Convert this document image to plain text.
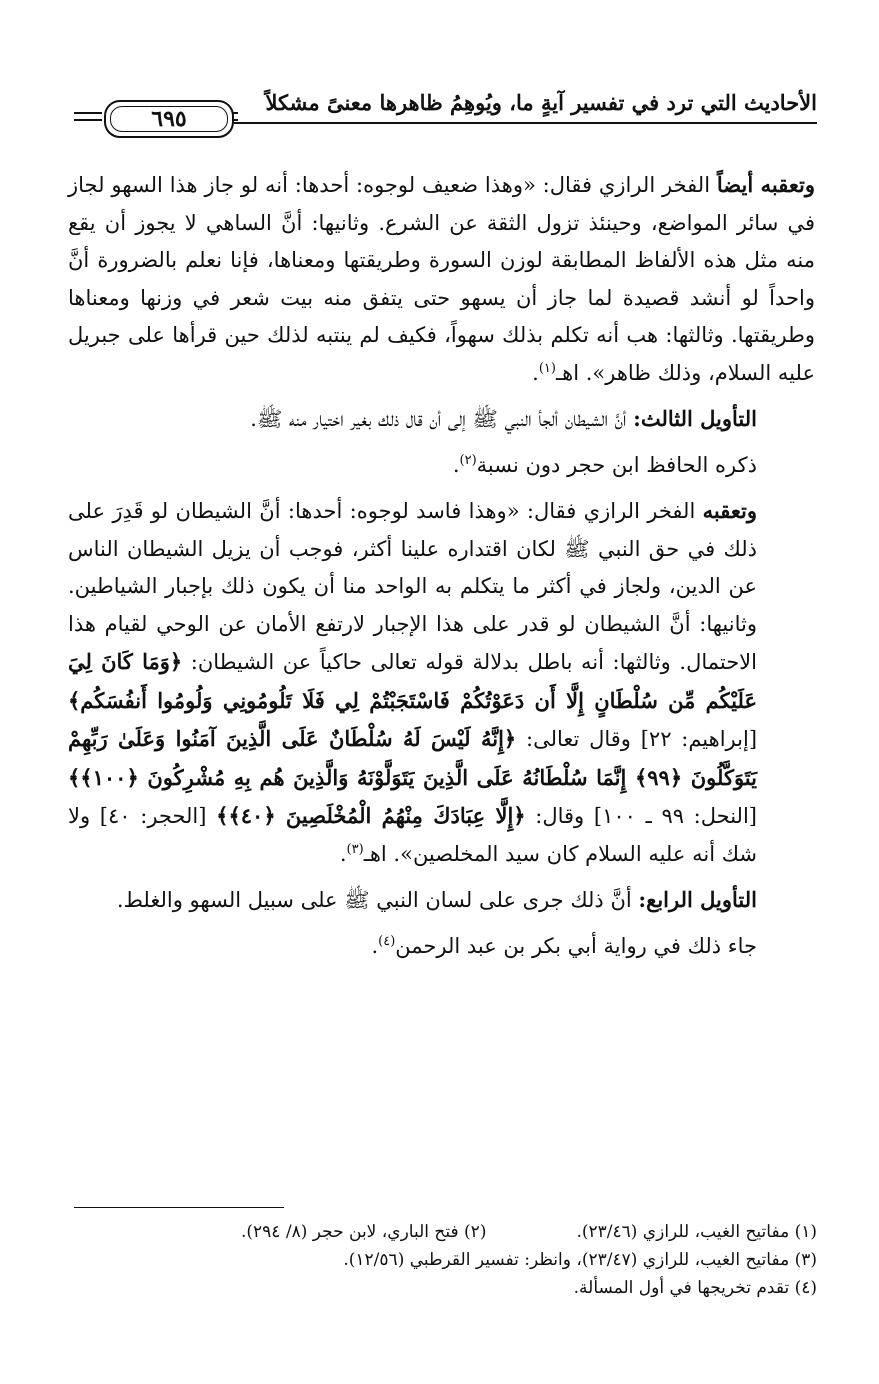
الأحاديث التي ترد في تفسير آيةٍ ما، ويُوهِمُ ظاهرها معنىً مشكلاً
٦٩٥

وتعقبه أيضاً الفخر الرازي فقال: «وهذا ضعيف لوجوه: أحدها: أنه لو جاز هذا السهو لجاز في سائر المواضع، وحينئذ تزول الثقة عن الشرع. وثانيها: أنَّ الساهي لا يجوز أن يقع منه مثل هذه الألفاظ المطابقة لوزن السورة وطريقتها ومعناها، فإنا نعلم بالضرورة أنَّ واحداً لو أنشد قصيدة لما جاز أن يسهو حتى يتفق منه بيت شعر في وزنها ومعناها وطريقتها. وثالثها: هب أنه تكلم بذلك سهواً، فكيف لم ينتبه لذلك حين قرأها على جبريل عليه السلام، وذلك ظاهر». اهـ$^{(١)}$.

التأويل الثالث: أنَّ الشيطان ألجأ النبي ﷺ إلى أن قال ذلك بغير اختيار منه ﷺ.

ذكره الحافظ ابن حجر دون نسبة$^{(٢)}$.

وتعقبه الفخر الرازي فقال: «وهذا فاسد لوجوه: أحدها: أنَّ الشيطان لو قَدِرَ على ذلك في حق النبي ﷺ لكان اقتداره علينا أكثر، فوجب أن يزيل الشيطان الناس عن الدين، ولجاز في أكثر ما يتكلم به الواحد منا أن يكون ذلك بإجبار الشياطين. وثانيها: أنَّ الشيطان لو قدر على هذا الإجبار لارتفع الأمان عن الوحي لقيام هذا الاحتمال. وثالثها: أنه باطل بدلالة قوله تعالى حاكياً عن الشيطان: ﴿وَمَا كَانَ لِيَ عَلَيْكُم مِّن سُلْطَانٍ إِلَّا أَن دَعَوْتُكُمْ فَاسْتَجَبْتُمْ لِي فَلَا تَلُومُونِي وَلُومُوا أَنفُسَكُم﴾ [إبراهيم: ٢٢] وقال تعالى: ﴿إِنَّهُ لَيْسَ لَهُ سُلْطَانٌ عَلَى الَّذِينَ آمَنُوا وَعَلَىٰ رَبِّهِمْ يَتَوَكَّلُونَ ﴿٩٩﴾ إِنَّمَا سُلْطَانُهُ عَلَى الَّذِينَ يَتَوَلَّوْنَهُ وَالَّذِينَ هُم بِهِ مُشْرِكُونَ ﴿١٠٠﴾﴾ [النحل: ٩٩ ـ ١٠٠] وقال: ﴿إِلَّا عِبَادَكَ مِنْهُمُ الْمُخْلَصِينَ ﴿٤٠﴾﴾ [الحجر: ٤٠] ولا شك أنه عليه السلام كان سيد المخلصين». اهـ$^{(٣)}$.

التأويل الرابع: أنَّ ذلك جرى على لسان النبي ﷺ على سبيل السهو والغلط.

جاء ذلك في رواية أبي بكر بن عبد الرحمن$^{(٤)}$.

(١) مفاتيح الغيب، للرازي (٢٣/٤٦).
(٢) فتح الباري، لابن حجر (٨/ ٢٩٤).
(٣) مفاتيح الغيب، للرازي (٢٣/٤٧)، وانظر: تفسير القرطبي (١٢/٥٦).
(٤) تقدم تخريجها في أول المسألة.
